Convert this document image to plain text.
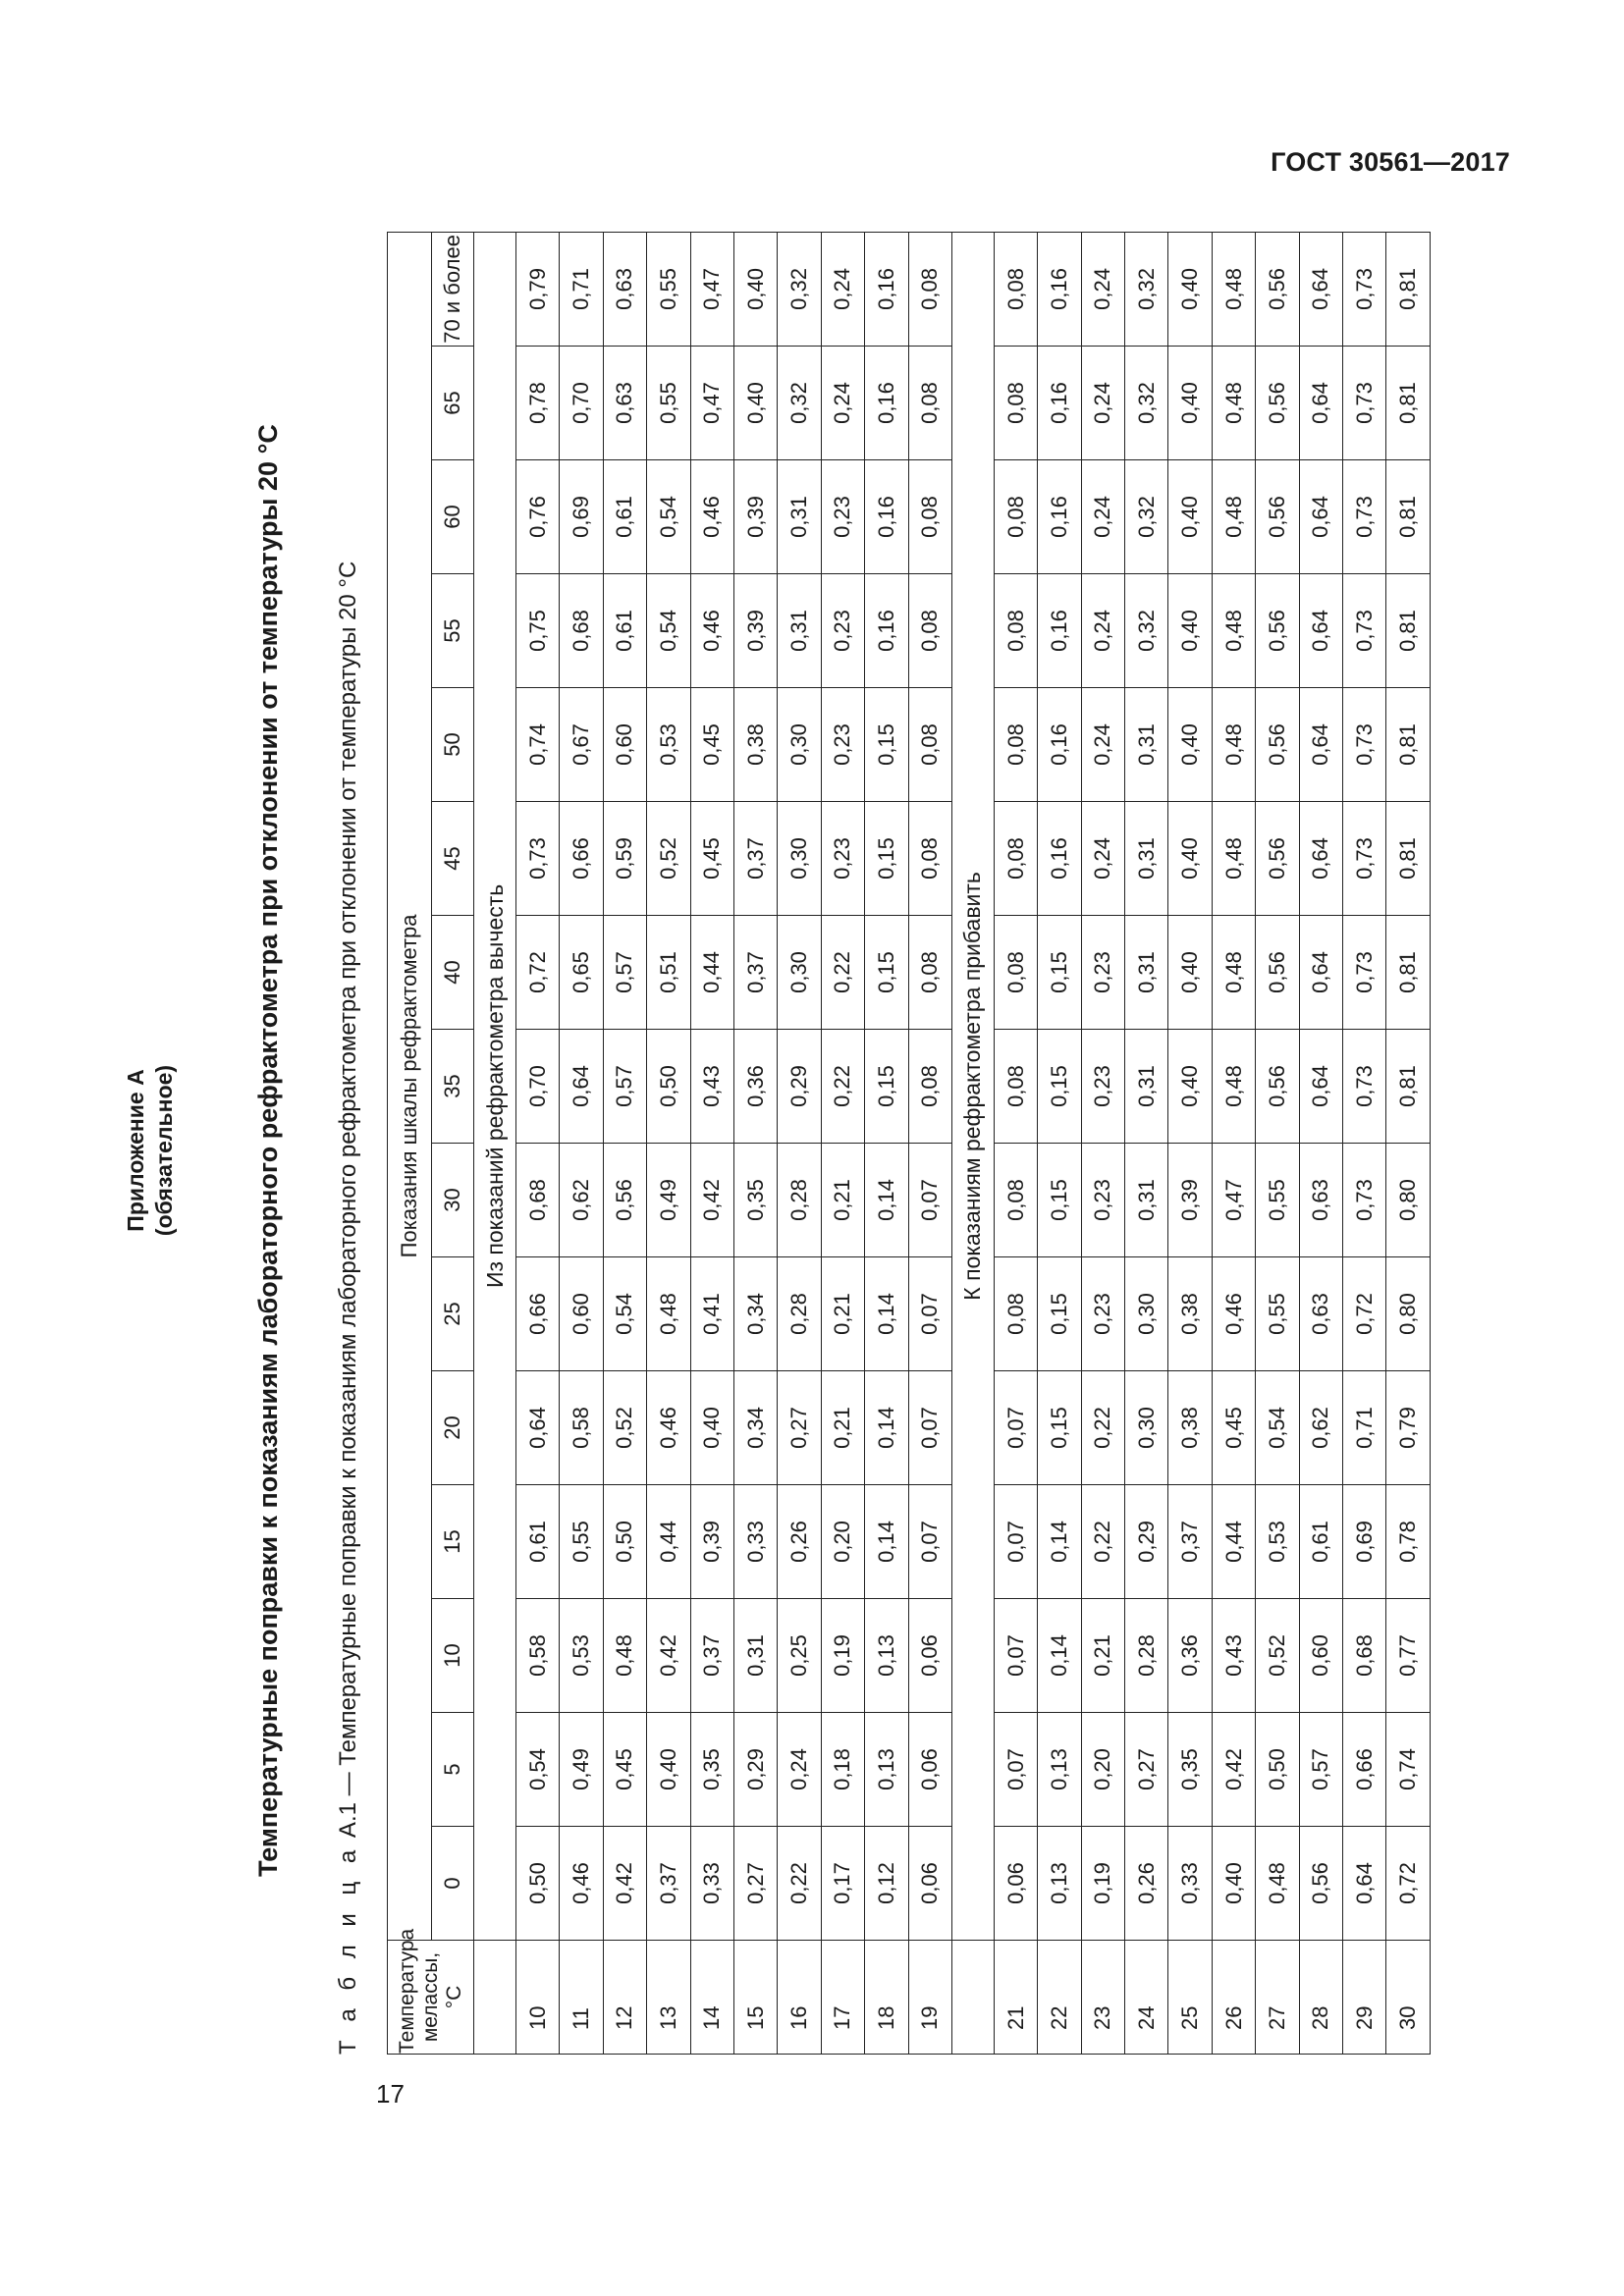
ГОСТ 30561—2017
17
Приложение А (обязательное)	Температурные поправки к показаниям лабораторного рефрактометра при отклонении от температуры 20 °С
Т а б л и ц а А.1 — Температурные поправки к показаниям лабораторного рефрактометра при отклонении от температуры 20 °С
Температура мелассы, °С	Показания шкалы рефрактометра														
	0	5	10	15	20	25	30	35	40	45	50	55	60	65	70 и более
	Из показаний рефрактометра вычесть														
10	0,50	0,54	0,58	0,61	0,64	0,66	0,68	0,70	0,72	0,73	0,74	0,75	0,76	0,78	0,79
11	0,46	0,49	0,53	0,55	0,58	0,60	0,62	0,64	0,65	0,66	0,67	0,68	0,69	0,70	0,71
12	0,42	0,45	0,48	0,50	0,52	0,54	0,56	0,57	0,57	0,59	0,60	0,61	0,61	0,63	0,63
13	0,37	0,40	0,42	0,44	0,46	0,48	0,49	0,50	0,51	0,52	0,53	0,54	0,54	0,55	0,55
14	0,33	0,35	0,37	0,39	0,40	0,41	0,42	0,43	0,44	0,45	0,45	0,46	0,46	0,47	0,47
15	0,27	0,29	0,31	0,33	0,34	0,34	0,35	0,36	0,37	0,37	0,38	0,39	0,39	0,40	0,40
16	0,22	0,24	0,25	0,26	0,27	0,28	0,28	0,29	0,30	0,30	0,30	0,31	0,31	0,32	0,32
17	0,17	0,18	0,19	0,20	0,21	0,21	0,21	0,22	0,22	0,23	0,23	0,23	0,23	0,24	0,24
18	0,12	0,13	0,13	0,14	0,14	0,14	0,14	0,15	0,15	0,15	0,15	0,16	0,16	0,16	0,16
19	0,06	0,06	0,06	0,07	0,07	0,07	0,07	0,08	0,08	0,08	0,08	0,08	0,08	0,08	0,08
	К показаниям рефрактометра прибавить														
21	0,06	0,07	0,07	0,07	0,07	0,08	0,08	0,08	0,08	0,08	0,08	0,08	0,08	0,08	0,08
22	0,13	0,13	0,14	0,14	0,15	0,15	0,15	0,15	0,15	0,16	0,16	0,16	0,16	0,16	0,16
23	0,19	0,20	0,21	0,22	0,22	0,23	0,23	0,23	0,23	0,24	0,24	0,24	0,24	0,24	0,24
24	0,26	0,27	0,28	0,29	0,30	0,30	0,31	0,31	0,31	0,31	0,31	0,32	0,32	0,32	0,32
25	0,33	0,35	0,36	0,37	0,38	0,38	0,39	0,40	0,40	0,40	0,40	0,40	0,40	0,40	0,40
26	0,40	0,42	0,43	0,44	0,45	0,46	0,47	0,48	0,48	0,48	0,48	0,48	0,48	0,48	0,48
27	0,48	0,50	0,52	0,53	0,54	0,55	0,55	0,56	0,56	0,56	0,56	0,56	0,56	0,56	0,56
28	0,56	0,57	0,60	0,61	0,62	0,63	0,63	0,64	0,64	0,64	0,64	0,64	0,64	0,64	0,64
29	0,64	0,66	0,68	0,69	0,71	0,72	0,73	0,73	0,73	0,73	0,73	0,73	0,73	0,73	0,73
30	0,72	0,74	0,77	0,78	0,79	0,80	0,80	0,81	0,81	0,81	0,81	0,81	0,81	0,81	0,81
